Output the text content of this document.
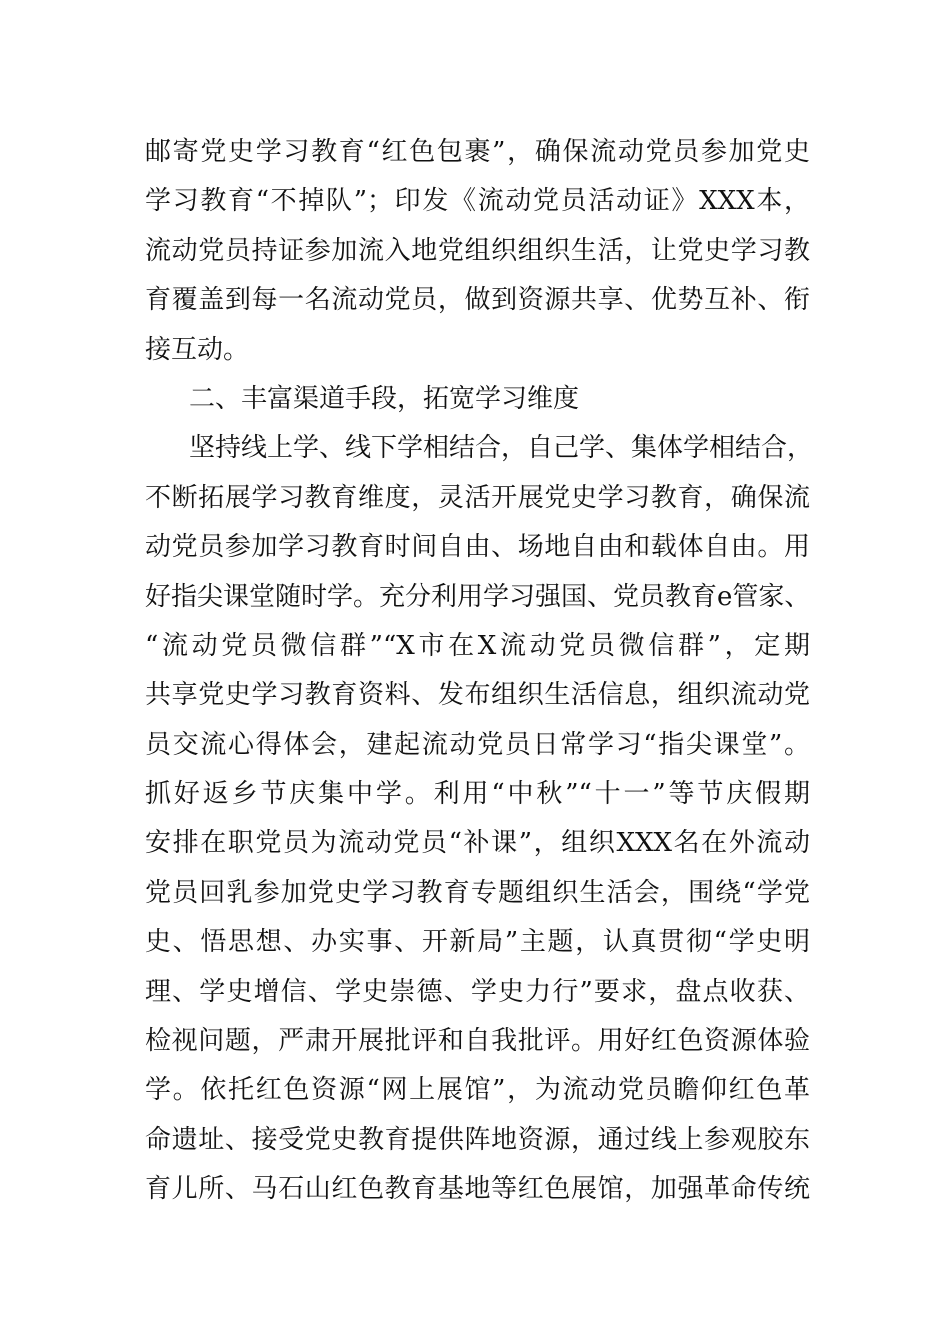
邮寄党史学习教育“红色包裹”，确保流动党员参加党史
学习教育“不掉队”；印发《流动党员活动证》XXX本，
流动党员持证参加流入地党组织组织生活，让党史学习教
育覆盖到每一名流动党员，做到资源共享、优势互补、衔
接互动。
二、丰富渠道手段，拓宽学习维度
坚持线上学、线下学相结合，自己学、集体学相结合，
不断拓展学习教育维度，灵活开展党史学习教育，确保流
动党员参加学习教育时间自由、场地自由和载体自由。用
好指尖课堂随时学。充分利用学习强国、党员教育e管家、
“流动党员微信群”“X市在X流动党员微信群”，定期
共享党史学习教育资料、发布组织生活信息，组织流动党
员交流心得体会，建起流动党员日常学习“指尖课堂”。
抓好返乡节庆集中学。利用“中秋”“十一”等节庆假期
安排在职党员为流动党员“补课”，组织XXX名在外流动
党员回乳参加党史学习教育专题组织生活会，围绕“学党
史、悟思想、办实事、开新局”主题，认真贯彻“学史明
理、学史增信、学史崇德、学史力行”要求，盘点收获、
检视问题，严肃开展批评和自我批评。用好红色资源体验
学。依托红色资源“网上展馆”，为流动党员瞻仰红色革
命遗址、接受党史教育提供阵地资源，通过线上参观胶东
育儿所、马石山红色教育基地等红色展馆，加强革命传统
